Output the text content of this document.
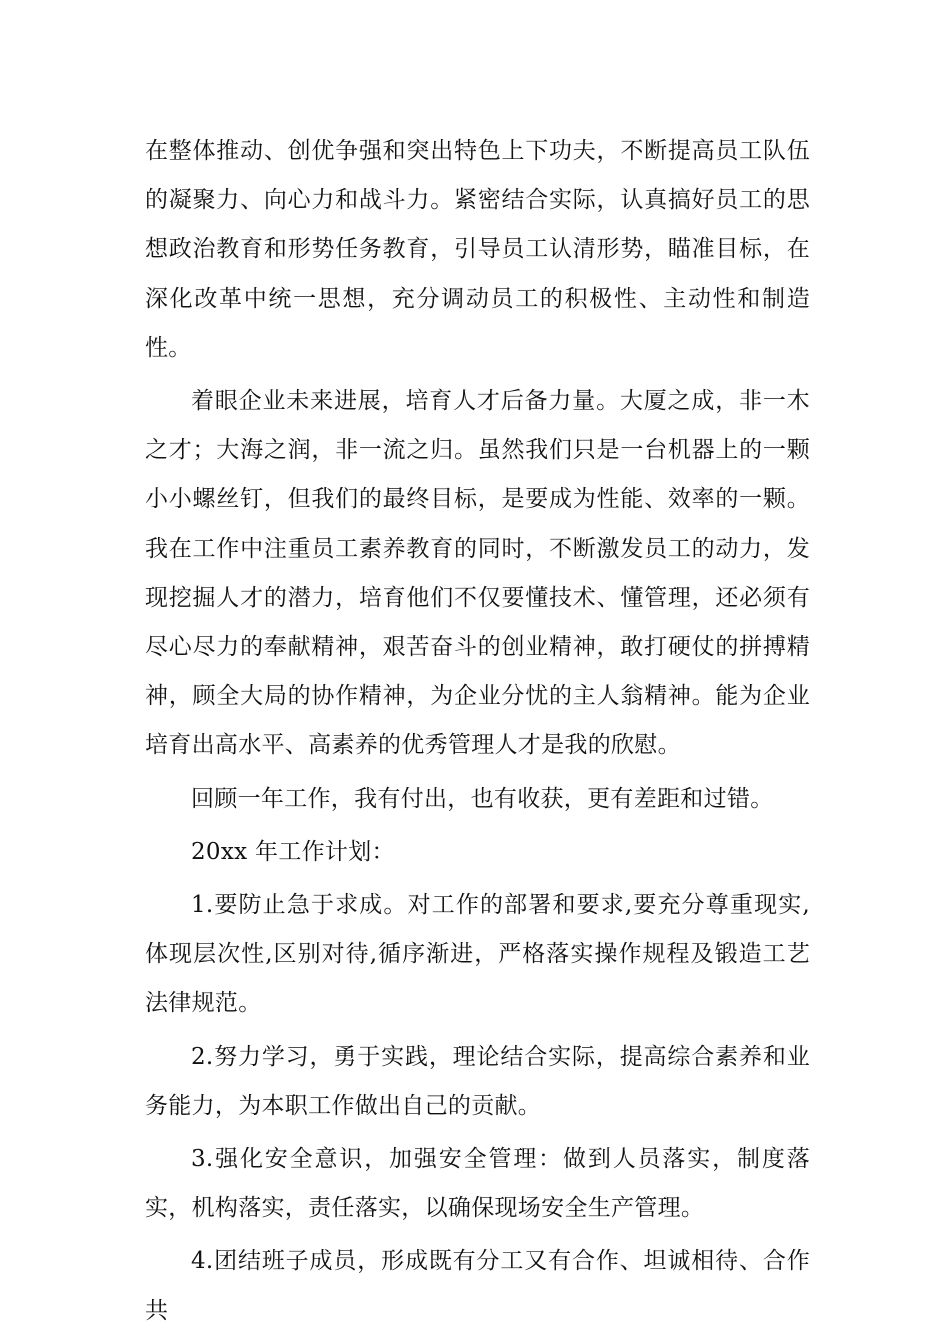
在整体推动、创优争强和突出特色上下功夫，不断提高员工队伍的凝聚力、向心力和战斗力。紧密结合实际，认真搞好员工的思想政治教育和形势任务教育，引导员工认清形势，瞄准目标，在深化改革中统一思想，充分调动员工的积极性、主动性和制造性。

着眼企业未来进展，培育人才后备力量。大厦之成，非一木之才；大海之润，非一流之归。虽然我们只是一台机器上的一颗小小螺丝钉，但我们的最终目标，是要成为性能、效率的一颗。我在工作中注重员工素养教育的同时，不断激发员工的动力，发现挖掘人才的潜力，培育他们不仅要懂技术、懂管理，还必须有尽心尽力的奉献精神，艰苦奋斗的创业精神，敢打硬仗的拼搏精神，顾全大局的协作精神，为企业分忧的主人翁精神。能为企业培育出高水平、高素养的优秀管理人才是我的欣慰。

回顾一年工作，我有付出，也有收获，更有差距和过错。

20xx 年工作计划：

1.要防止急于求成。对工作的部署和要求,要充分尊重现实,体现层次性,区别对待,循序渐进，严格落实操作规程及锻造工艺法律规范。

2.努力学习，勇于实践，理论结合实际，提高综合素养和业务能力，为本职工作做出自己的贡献。

3.强化安全意识，加强安全管理：做到人员落实，制度落实，机构落实，责任落实，以确保现场安全生产管理。

4.团结班子成员，形成既有分工又有合作、坦诚相待、合作共
